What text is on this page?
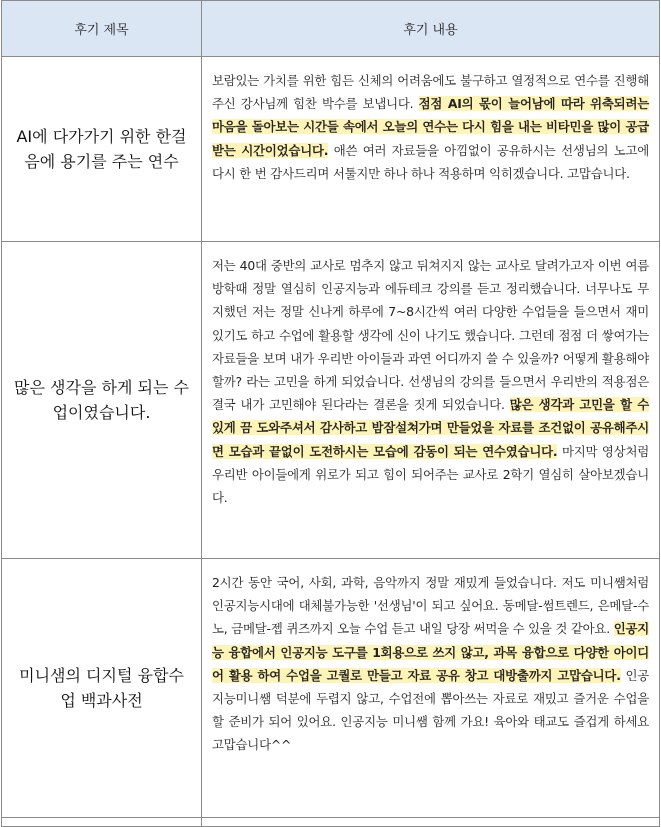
후기 제목	후기 내용
AI에 다가가기 위한 한걸음에 용기를 주는 연수	보람있는 가치를 위한 힘든 신체의 어려움에도 불구하고 열정적으로 연수를 진행해주신 강사님께 힘찬 박수를 보냅니다. 점점 AI의 몫이 늘어남에 따라 위축되려는 마음을 돌아보는 시간들 속에서 오늘의 연수는 다시 힘을 내는 비타민을 많이 공급받는 시간이었습니다. 애쓴 여러 자료들을 아낌없이 공유하시는 선생님의 노고에 다시 한 번 감사드리며 서툴지만 하나 하나 적용하며 익히겠습니다. 고맙습니다.
많은 생각을 하게 되는 수업이였습니다.	저는 40대 중반의 교사로 멈추지 않고 뒤쳐지지 않는 교사로 달려가고자 이번 여름방학때 정말 열심히 인공지능과 에듀테크 강의를 듣고 정리했습니다. 너무나도 무지했던 저는 정말 신나게 하루에 7~8시간씩 여러 다양한 수업들을 들으면서 재미있기도 하고 수업에 활용할 생각에 신이 나기도 했습니다. 그런데 점점 더 쌓여가는 자료들을 보며 내가 우리반 아이들과 과연 어디까지 쓸 수 있을까? 어떻게 활용해야 할까? 라는 고민을 하게 되었습니다. 선생님의 강의를 들으면서 우리반의 적용점은 결국 내가 고민해야 된다라는 결론을 짓게 되었습니다. 많은 생각과 고민을 할 수 있게 끔 도와주셔서 감사하고 밤잠설쳐가며 만들었을 자료를 조건없이 공유해주시면 모습과 끝없이 도전하시는 모습에 감동이 되는 연수였습니다. 마지막 영상처럼 우리반 아이들에게 위로가 되고 힘이 되어주는 교사로 2학기 열심히 살아보겠습니다.
미니샘의 디지털 융합수업 백과사전	2시간 동안 국어, 사회, 과학, 음악까지 정말 재밌게 들었습니다. 저도 미니쌤처럼 인공지능시대에 대체불가능한 '선생님'이 되고 싶어요. 동메달-썸트렌드, 은메달-수노, 금메달-젭 퀴즈까지 오늘 수업 듣고 내일 당장 써먹을 수 있을 것 같아요. 인공지능 융합에서 인공지능 도구를 1회용으로 쓰지 않고, 과목 융합으로 다양한 아이디어 활용 하여 수업을 고퀄로 만들고 자료 공유 창고 대방출까지 고맙습니다. 인공지능미니쌤 덕분에 두렵지 않고, 수업전에 뽑아쓰는 자료로 재밌고 즐거운 수업을 할 준비가 되어 있어요. 인공지능 미니쌤 함께 가요! 육아와 태교도 즐겁게 하세요 고맙습니다^^
